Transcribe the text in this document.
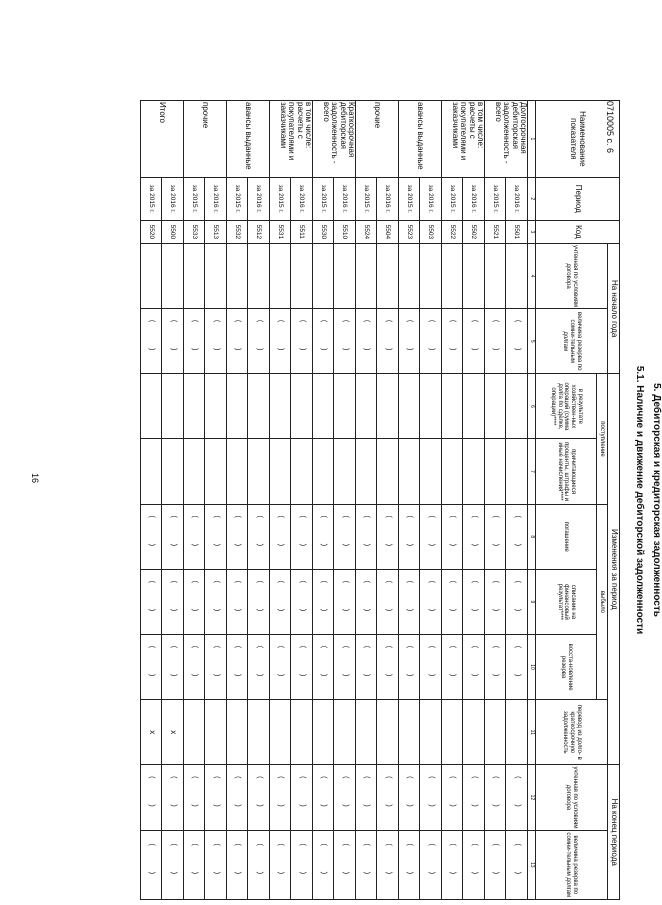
0710005 с. 6
16	5. Дебиторская и кредиторская задолженность
5.1. Наличие и движение дебиторской задолженности
Наименование показателя	Период	Код	На начало года		Изменения за период						На конец периода	
			учтенная по условиям договора	величина резерва по сомни-тельным долгам	поступление		выбыло			перевод из долго- в краткосрочную задолженность	учтенная по условиям договора	величина резерва по сомни-тельным долгам
					в результате хозяйствен-ных операций (сумма долга по сделке, операции)****	причитающиеся проценты, штрафы и иные начисления****	погашение	списание на финансовый результат****	восста-новление резерва			
1	2	3	4	5	6	7	8	9	10	11	12	13
Долгосрочная дебиторская задолженность - всего	за 2016 г.	5501		( )			( )	( )	( )		( )	( )
	за 2015 г.	5521		( )			( )	( )	( )		( )	( )
в том числе: расчеты с покупателями и заказчиками	за 2016 г.	5502		( )			( )	( )	( )		( )	( )
	за 2015 г.	5522		( )			( )	( )	( )		( )	( )
авансы выданные	за 2016 г.	5503		( )			( )	( )	( )		( )	( )
	за 2015 г.	5523		( )			( )	( )	( )		( )	( )
прочие	за 2016 г.	5504		( )			( )	( )	( )		( )	( )
	за 2015 г.	5524		( )			( )	( )	( )		( )	( )
Краткосрочная дебиторская задолженность - всего	за 2016 г.	5510		( )			( )	( )	( )		( )	( )
	за 2015 г.	5530		( )			( )	( )	( )		( )	( )
в том числе: расчеты с покупателями и заказчиками	за 2016 г.	5511		( )			( )	( )	( )		( )	( )
	за 2015 г.	5531		( )			( )	( )	( )		( )	( )
авансы выданные	за 2016 г.	5512		( )			( )	( )	( )		( )	( )
	за 2015 г.	5532		( )			( )	( )	( )		( )	( )
прочие	за 2016 г.	5513		( )			( )	( )	( )		( )	( )
	за 2015 г.	5533		( )			( )	( )	( )		( )	( )
Итого	за 2016 г.	5500		( )			( )	( )	( )	х	( )	( )
	за 2015 г.	5520		( )			( )	( )	( )	х	( )	( )
